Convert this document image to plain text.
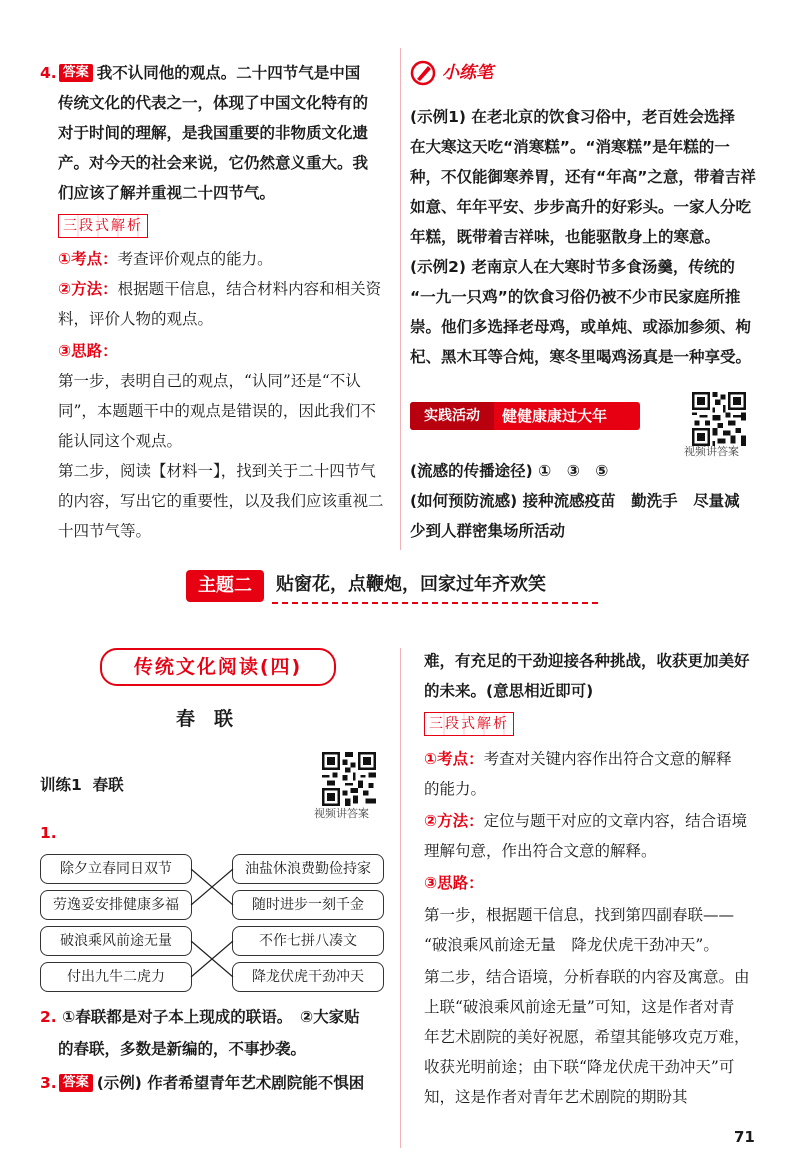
4. 答案 我不认同他的观点。二十四节气是中国
传统文化的代表之一，体现了中国文化特有的
对于时间的理解，是我国重要的非物质文化遗
产。对今天的社会来说，它仍然意义重大。我
们应该了解并重视二十四节气。
三段式解析
①考点：考查评价观点的能力。
②方法：根据题干信息，结合材料内容和相关资
料，评价人物的观点。
③思路：
第一步，表明自己的观点，“认同”还是“不认
同”，本题题干中的观点是错误的，因此我们不
能认同这个观点。
第二步，阅读【材料一】，找到关于二十四节气
的内容，写出它的重要性，以及我们应该重视二
十四节气等。
小练笔
(示例1) 在老北京的饮食习俗中，老百姓会选择
在大寒这天吃“消寒糕”。“消寒糕”是年糕的一
种，不仅能御寒养胃，还有“年高”之意，带着吉祥
如意、年年平安、步步高升的好彩头。一家人分吃
年糕，既带着吉祥味，也能驱散身上的寒意。
(示例2) 老南京人在大寒时节多食汤羹，传统的
“一九一只鸡”的饮食习俗仍被不少市民家庭所推
崇。他们多选择老母鸡，或单炖、或添加参须、枸
杞、黑木耳等合炖，寒冬里喝鸡汤真是一种享受。
实践活动	健健康康过大年
视频讲答案
(流感的传播途径) ①　③　⑤
(如何预防流感) 接种流感疫苗　勤洗手　尽量减
少到人群密集场所活动
主题二	贴窗花，点鞭炮，回家过年齐欢笑
传统文化阅读(四)
春　联
训练1 春联
视频讲答案
1.
除夕立春同日双节
劳逸妥安排健康多福
破浪乘风前途无量
付出九牛二虎力
油盐休浪费勤俭持家
随时进步一刻千金
不作七拼八凑文
降龙伏虎干劲冲天
2. ①春联都是对子本上现成的联语。　②大家贴
的春联，多数是新编的，不事抄袭。
3. 答案 (示例) 作者希望青年艺术剧院能不惧困
难，有充足的干劲迎接各种挑战，收获更加美好
的未来。(意思相近即可)
三段式解析
①考点：考查对关键内容作出符合文意的解释
的能力。
②方法：定位与题干对应的文章内容，结合语境
理解句意，作出符合文意的解释。
③思路：
第一步，根据题干信息，找到第四副春联——
“破浪乘风前途无量　降龙伏虎干劲冲天”。
第二步，结合语境，分析春联的内容及寓意。由
上联“破浪乘风前途无量”可知，这是作者对青
年艺术剧院的美好祝愿，希望其能够攻克万难，
收获光明前途；由下联“降龙伏虎干劲冲天”可
知，这是作者对青年艺术剧院的期盼其
71
